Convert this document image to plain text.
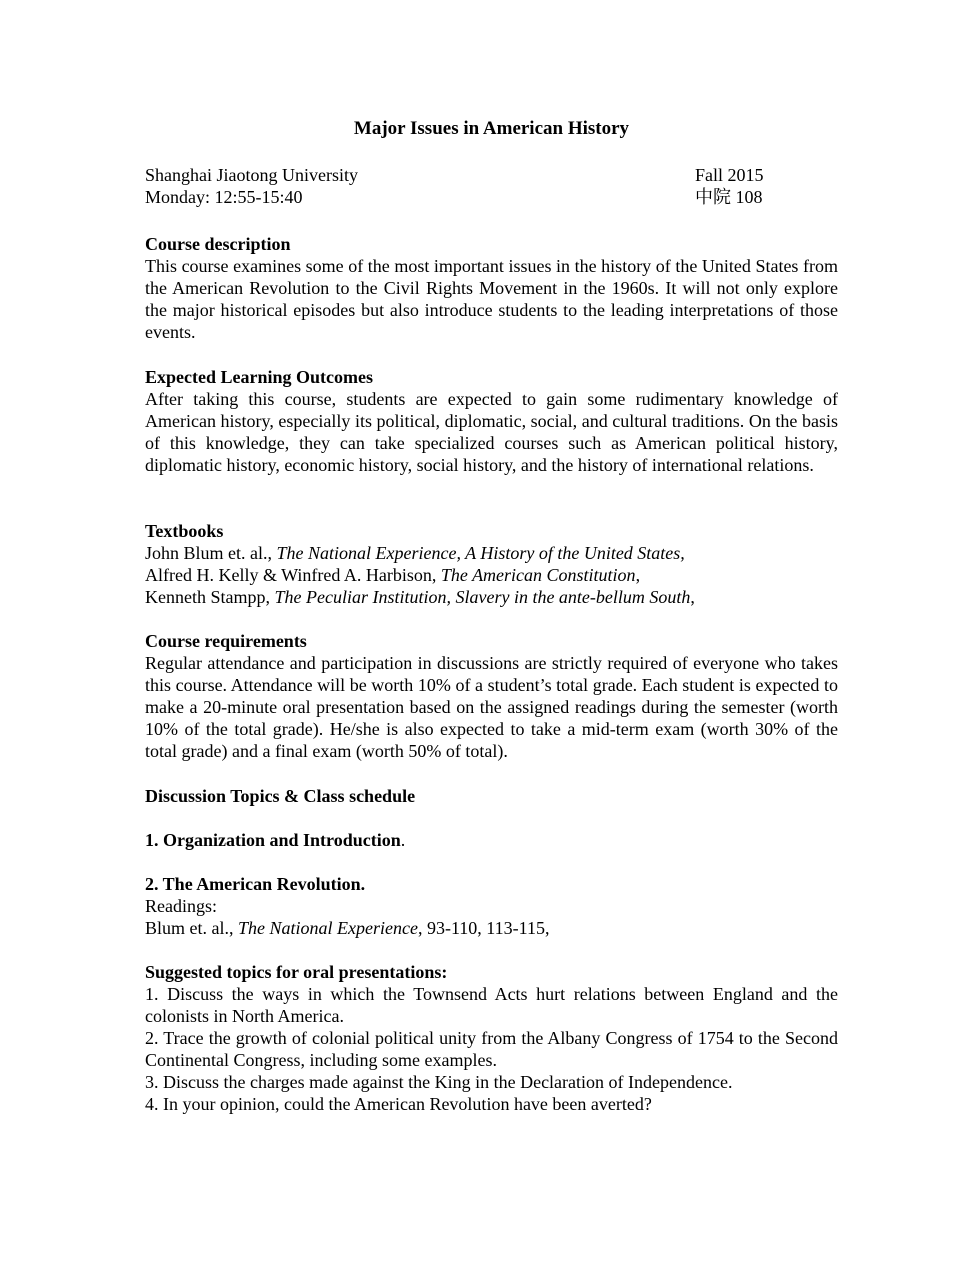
Major Issues in American History
Shanghai Jiaotong University	Fall 2015
Monday: 12:55-15:40	中院 108

Course description

This course examines some of the most important issues in the history of the United States from the American Revolution to the Civil Rights Movement in the 1960s. It will not only explore the major historical episodes but also introduce students to the leading interpretations of those events.

Expected Learning Outcomes

After taking this course, students are expected to gain some rudimentary knowledge of American history, especially its political, diplomatic, social, and cultural traditions. On the basis of this knowledge, they can take specialized courses such as American political history, diplomatic history, economic history, social history, and the history of international relations.

Textbooks

John Blum et. al., The National Experience, A History of the United States,

Alfred H. Kelly & Winfred A. Harbison, The American Constitution,

Kenneth Stampp, The Peculiar Institution, Slavery in the ante-bellum South,

Course requirements

Regular attendance and participation in discussions are strictly required of everyone who takes this course. Attendance will be worth 10% of a student’s total grade. Each student is expected to make a 20-minute oral presentation based on the assigned readings during the semester (worth 10% of the total grade). He/she is also expected to take a mid-term exam (worth 30% of the total grade) and a final exam (worth 50% of total).

Discussion Topics & Class schedule

1. Organization and Introduction.

2. The American Revolution.

Readings:

Blum et. al., The National Experience, 93-110, 113-115,

Suggested topics for oral presentations:

1. Discuss the ways in which the Townsend Acts hurt relations between England and the colonists in North America.

2. Trace the growth of colonial political unity from the Albany Congress of 1754 to the Second Continental Congress, including some examples.

3. Discuss the charges made against the King in the Declaration of Independence.

4. In your opinion, could the American Revolution have been averted?
